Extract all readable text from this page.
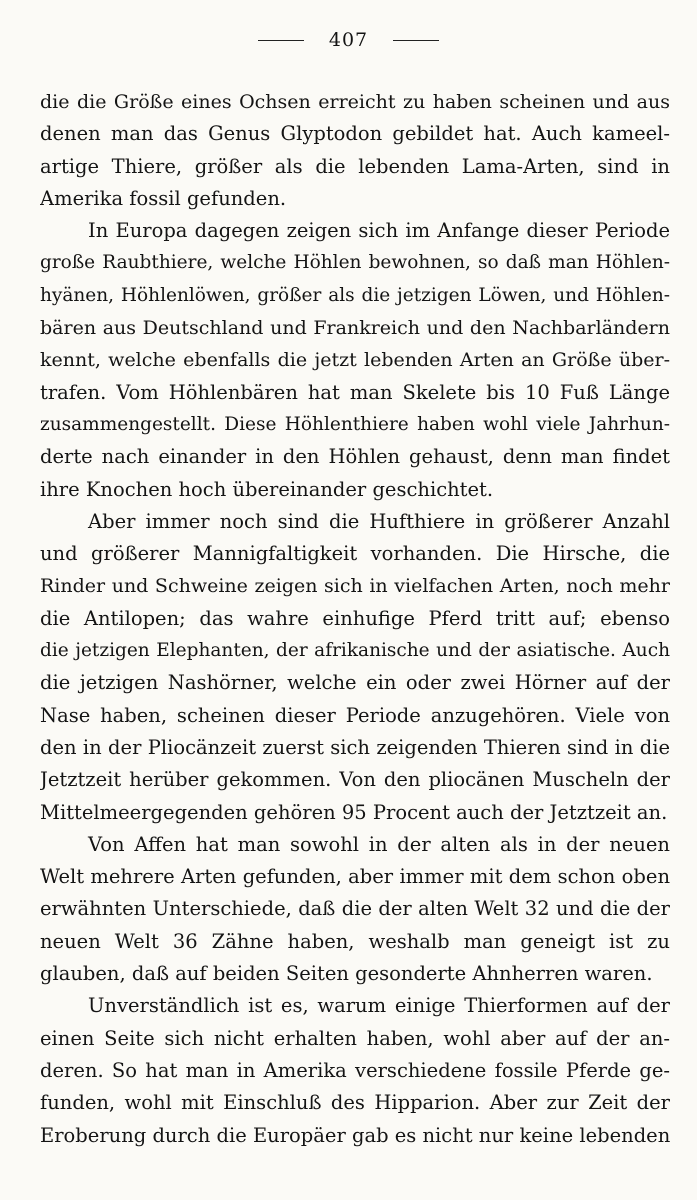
407
die die Größe eines Ochsen erreicht zu haben scheinen und aus
denen man das Genus Glyptodon gebildet hat. Auch kameel-
artige Thiere, größer als die lebenden Lama-Arten, sind in
Amerika fossil gefunden.
In Europa dagegen zeigen sich im Anfange dieser Periode
große Raubthiere, welche Höhlen bewohnen, so daß man Höhlen-
hyänen, Höhlenlöwen, größer als die jetzigen Löwen, und Höhlen-
bären aus Deutschland und Frankreich und den Nachbarländern
kennt, welche ebenfalls die jetzt lebenden Arten an Größe über-
trafen. Vom Höhlenbären hat man Skelete bis 10 Fuß Länge
zusammengestellt. Diese Höhlenthiere haben wohl viele Jahrhun-
derte nach einander in den Höhlen gehaust, denn man findet
ihre Knochen hoch übereinander geschichtet.
Aber immer noch sind die Hufthiere in größerer Anzahl
und größerer Mannigfaltigkeit vorhanden. Die Hirsche, die
Rinder und Schweine zeigen sich in vielfachen Arten, noch mehr
die Antilopen; das wahre einhufige Pferd tritt auf; ebenso
die jetzigen Elephanten, der afrikanische und der asiatische. Auch
die jetzigen Nashörner, welche ein oder zwei Hörner auf der
Nase haben, scheinen dieser Periode anzugehören. Viele von
den in der Pliocänzeit zuerst sich zeigenden Thieren sind in die
Jetztzeit herüber gekommen. Von den pliocänen Muscheln der
Mittelmeergegenden gehören 95 Procent auch der Jetztzeit an.
Von Affen hat man sowohl in der alten als in der neuen
Welt mehrere Arten gefunden, aber immer mit dem schon oben
erwähnten Unterschiede, daß die der alten Welt 32 und die der
neuen Welt 36 Zähne haben, weshalb man geneigt ist zu
glauben, daß auf beiden Seiten gesonderte Ahnherren waren.
Unverständlich ist es, warum einige Thierformen auf der
einen Seite sich nicht erhalten haben, wohl aber auf der an-
deren. So hat man in Amerika verschiedene fossile Pferde ge-
funden, wohl mit Einschluß des Hipparion. Aber zur Zeit der
Eroberung durch die Europäer gab es nicht nur keine lebenden
